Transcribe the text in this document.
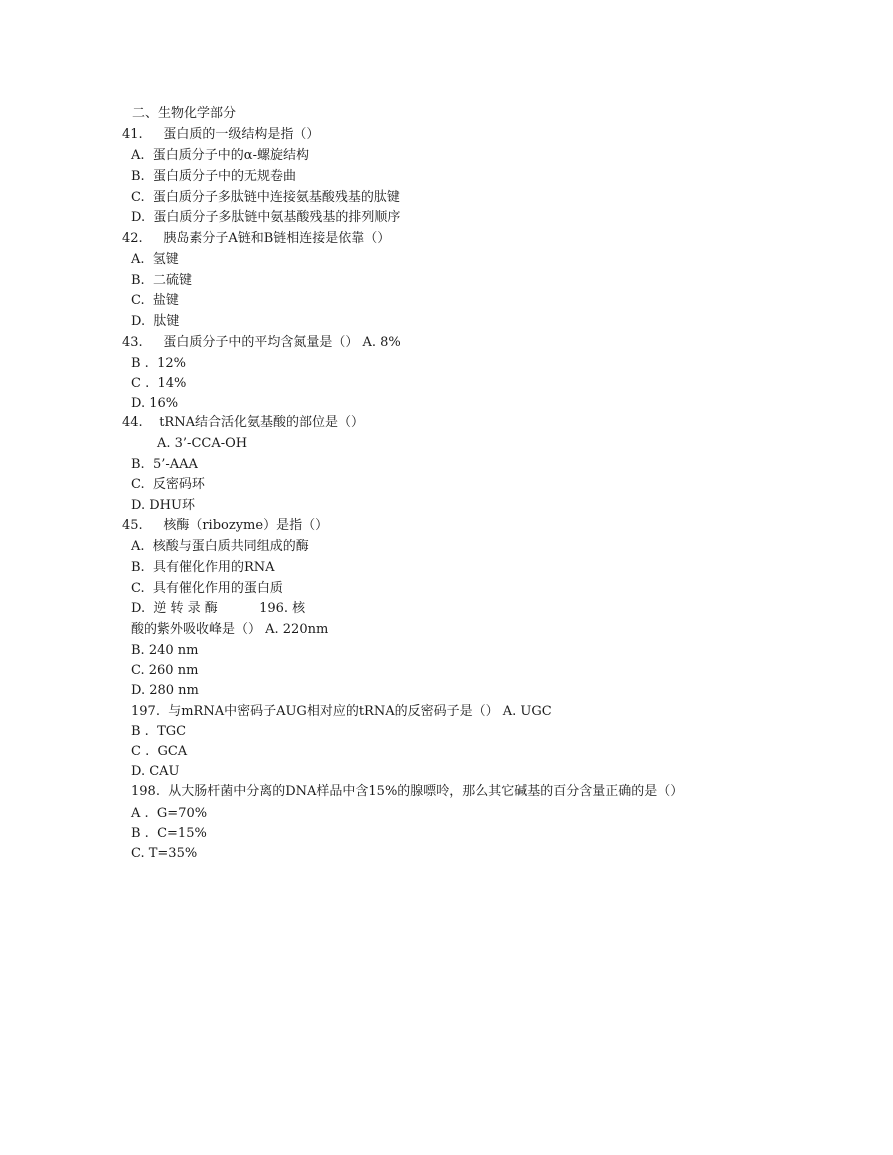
二、生物化学部分
41.     蛋白质的一级结构是指（）
A.  蛋白质分子中的α-螺旋结构
B.  蛋白质分子中的无规卷曲
C.  蛋白质分子多肽链中连接氨基酸残基的肽键
D.  蛋白质分子多肽链中氨基酸残基的排列顺序
42.     胰岛素分子A链和B链相连接是依靠（）
A.  氢键
B.  二硫键
C.  盐键
D.  肽键
43.     蛋白质分子中的平均含氮量是（） A. 8%
B .  12%
C .  14%
D. 16%
44.    tRNA结合活化氨基酸的部位是（）
A. 3’-CCA-OH
B.  5’-AAA
C.  反密码环
D. DHU环
45.     核酶（ribozyme）是指（）
A.  核酸与蛋白质共同组成的酶
B.  具有催化作用的RNA
C.  具有催化作用的蛋白质
D.  逆 转 录 酶          196. 核
酸的紫外吸收峰是（） A. 220nm
B. 240 nm
C. 260 nm
D. 280 nm
197.  与mRNA中密码子AUG相对应的tRNA的反密码子是（） A. UGC
B .  TGC
C .  GCA
D. CAU
198.  从大肠杆菌中分离的DNA样品中含15%的腺嘌呤，那么其它碱基的百分含量正确的是（）
A .  G=70%
B .  C=15%
C. T=35%
